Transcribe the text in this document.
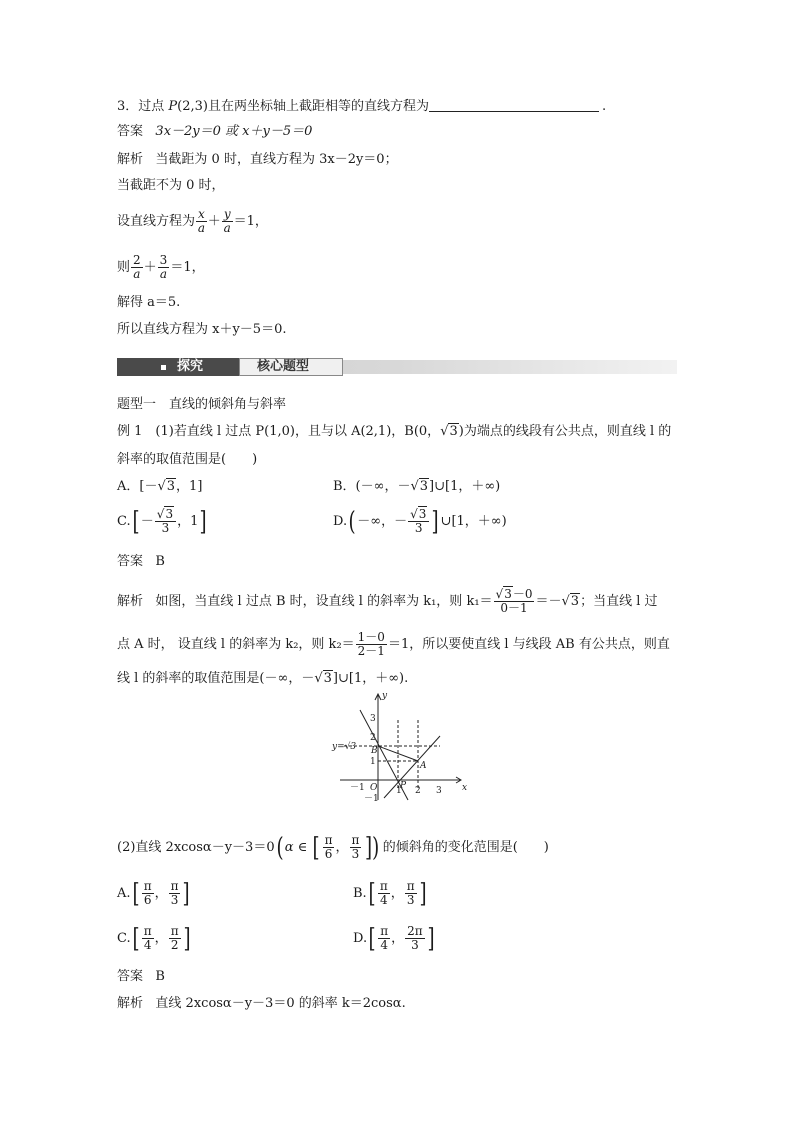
3．过点 P(2,3)且在两坐标轴上截距相等的直线方程为	.
答案 3x－2y＝0 或 x＋y－5＝0
解析 当截距为 0 时，直线方程为 3x－2y＝0；
当截距不为 0 时，
设直线方程为 $\frac{x}{a} + \frac{y}{a} =1$，
则 $\frac{2}{a} + \frac{3}{a} =1$，
解得 a＝5.
所以直线方程为 x＋y－5＝0.
探究	核心题型
题型一　直线的倾斜角与斜率
例 1　(1)若直线 l 过点 P(1,0)，且与以 A(2,1)，B(0，√3)为端点的线段有公共点，则直线 l 的
斜率的取值范围是(　　)
A．[－√3，1]	B．(－∞，－√3]∪[1，＋∞)
$C.[ - \frac{√3}{3}$ ，1]	D.( －∞，－ $\frac{√3}{3}$ ] ∪[1，＋∞)
答案 B
解析 如图，当直线 l 过点 B 时，设直线 l 的斜率为 k₁，则 $k_1= \frac{√3-0}{0-1} =-√3$；当直线 l 过
点 A 时， 设直线 l 的斜率为 k₂，则 $k_2= \frac{1-0}{2-1} =1$，所以要使直线 l 与线段 AB 有公共点，则直
线 l 的斜率的取值范围是(－∞，－√3]∪[1，＋∞).
y
x
O
y=√3 B
A
P
－1	1 2 3
3
2
1
－1
(2)直线 2xcosα－y－3＝0( α ∈ [ $\frac{\pi}{6}$ ， $\frac{\pi}{3}$ ]) 的倾斜角的变化范围是(　　)
$A.[ \frac{\pi}{6}$ ， $\frac{\pi}{3}$ ]	$B.[ \frac{\pi}{4}$ ， $\frac{\pi}{3}$ ]
$C.[ \frac{\pi}{4}$ ， $\frac{\pi}{2}$ ]	$D.[ \frac{\pi}{4}$ ， $\frac{2\pi}{3}$ ]
答案 B
解析 直线 2xcosα－y－3＝0 的斜率 k＝2cosα.
